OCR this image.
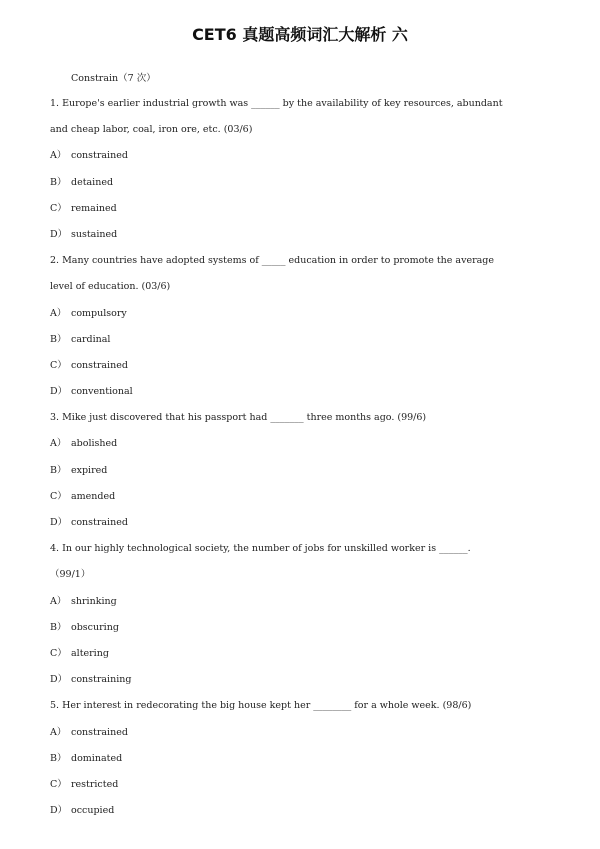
CET6 真题高频词汇大解析 六
Constrain（7 次）
1. Europe's earlier industrial growth was ______ by the availability of key resources, abundant
and cheap labor, coal, iron ore, etc. (03/6)
A） constrained
B） detained
C） remained
D） sustained
2. Many countries have adopted systems of _____ education in order to promote the average
level of education. (03/6)
A） compulsory
B） cardinal
C） constrained
D） conventional
3. Mike just discovered that his passport had _______ three months ago. (99/6)
A） abolished
B） expired
C） amended
D） constrained
4. In our highly technological society, the number of jobs for unskilled worker is ______.
（99/1）
A） shrinking
B） obscuring
C） altering
D） constraining
5. Her interest in redecorating the big house kept her ________ for a whole week. (98/6)
A） constrained
B） dominated
C） restricted
D） occupied
